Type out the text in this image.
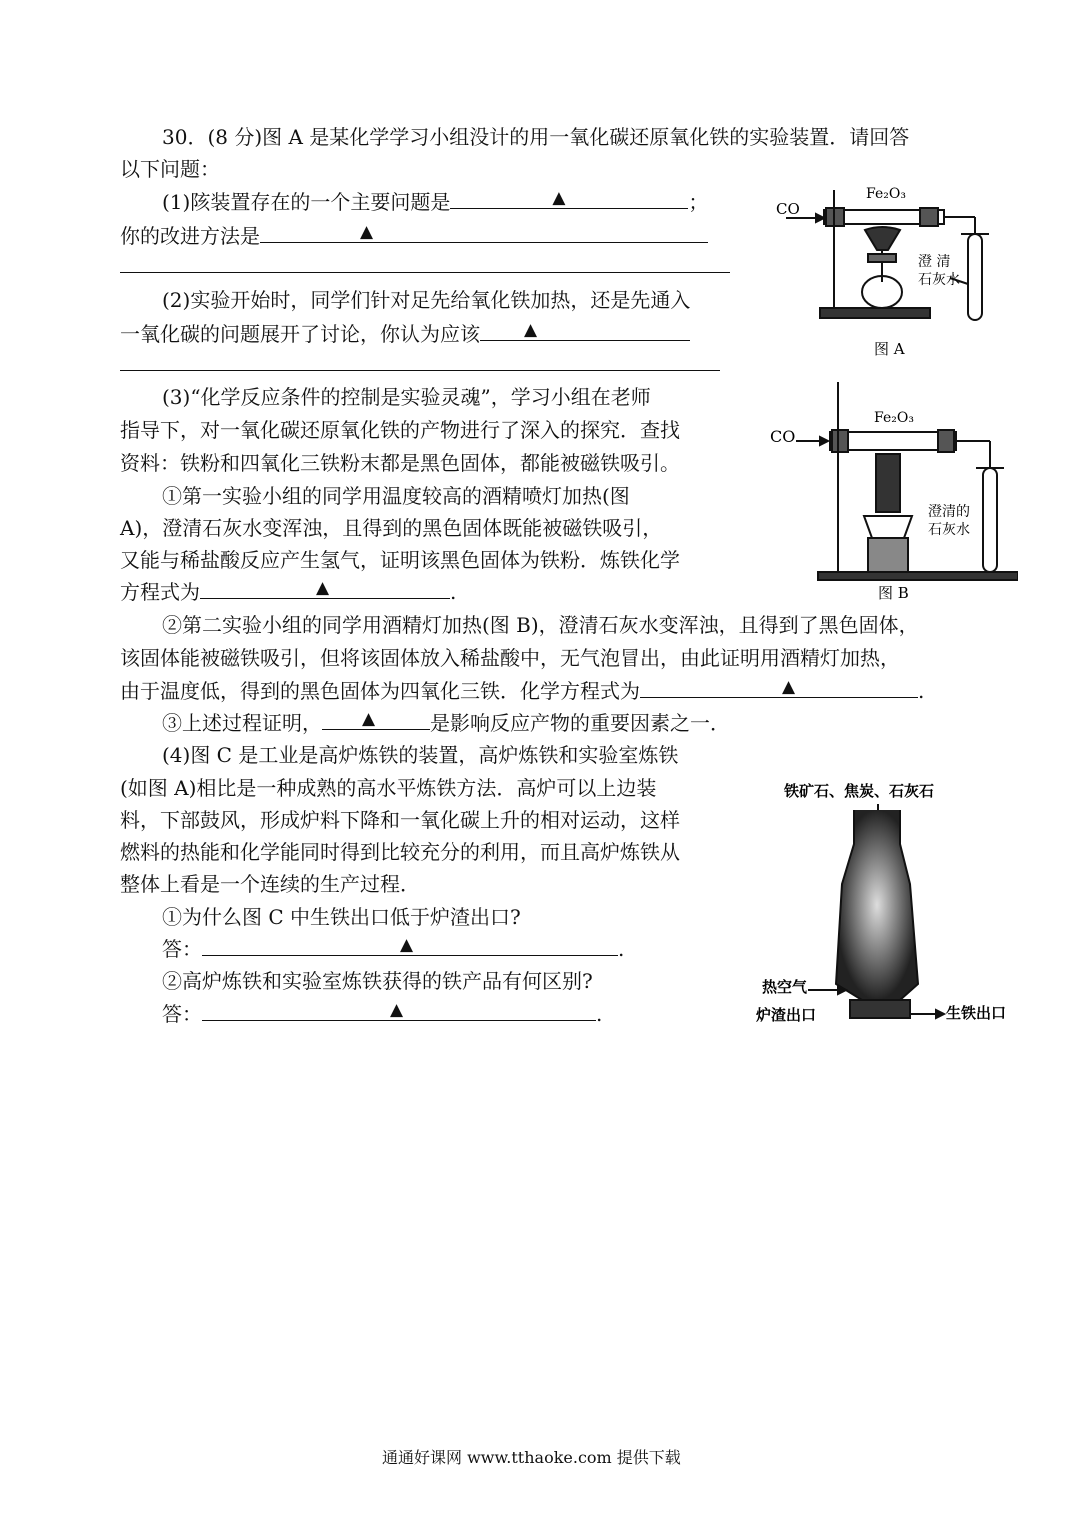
30．(8 分)图 A 是某化学学习小组没计的用一氧化碳还原氧化铁的实验装置．请回答
以下问题：
(1)陔装置存在的一个主要问题是	▲	；
你的改进方法是	▲
(2)实验开始时，同学们针对足先给氧化铁加热，还是先通入
一氧化碳的问题展开了讨论，你认为应该	▲
(3)“化学反应条件的控制是实验灵魂”，学习小组在老师
指导下，对一氧化碳还原氧化铁的产物进行了深入的探究．查找
资料：铁粉和四氧化三铁粉末都是黑色固体，都能被磁铁吸引。
①第一实验小组的同学用温度较高的酒精喷灯加热(图
A)，澄清石灰水变浑浊，且得到的黑色固体既能被磁铁吸引，
又能与稀盐酸反应产生氢气，证明该黑色固体为铁粉．炼铁化学
方程式为	▲	.
②第二实验小组的同学用酒精灯加热(图 B)，澄清石灰水变浑浊，且得到了黑色固体，
该固体能被磁铁吸引，但将该固体放入稀盐酸中，无气泡冒出，由此证明用酒精灯加热，
由于温度低，得到的黑色固体为四氧化三铁．化学方程式为	▲	.
③上述过程证明， ▲	是影响反应产物的重要因素之一．
(4)图 C 是工业是高炉炼铁的装置，高炉炼铁和实验室炼铁
(如图 A)相比是一种成熟的高水平炼铁方法．高炉可以上边装
料，下部鼓风，形成炉料下降和一氧化碳上升的相对运动，这样
燃料的热能和化学能同时得到比较充分的利用，而且高炉炼铁从
整体上看是一个连续的生产过程．
①为什么图 C 中生铁出口低于炉渣出口?
答：	▲	.
②高炉炼铁和实验室炼铁获得的铁产品有何区别?
答：	▲	.
CO
Fe₂O₃
澄 清
石灰水
图 A
CO
Fe₂O₃
澄清的
石灰水
图 B
铁矿石、焦炭、石灰石
热空气
炉渣出口	生铁出口
通通好课网 www.tthaoke.com 提供下载
